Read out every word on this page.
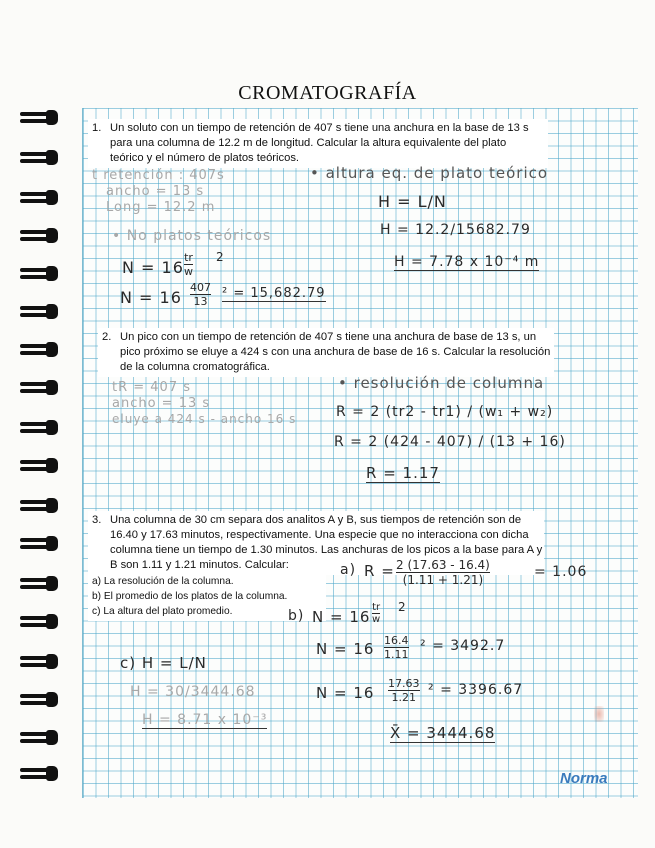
CROMATOGRAFÍA
1. Un soluto con un tiempo de retención de 407 s tiene una anchura en la base de 13 s
para una columna de 12.2 m de longitud. Calcular la altura equivalente del plato
teórico y el número de platos teóricos.
t retención : 407s
ancho = 13 s
Long = 12.2 m
• altura eq. de plato teórico
H = L/N
H = 12.2/15682.79
H = 7.78 x 10⁻⁴ m
• No platos teóricos
$N = 16 \frac{tr}{w} 2$
$N = 16 \frac{407}{13} ^2 = 15,682.79$
2. Un pico con un tiempo de retención de 407 s tiene una anchura de base de 13 s, un
pico próximo se eluye a 424 s con una anchura de base de 16 s. Calcular la resolución
de la columna cromatográfica.
tR = 407 s
ancho = 13 s
eluye a 424 s - ancho 16 s
• resolución de columna
R = 2 (tr2 - tr1) / (w₁ + w₂)
R = 2 (424 - 407) / (13 + 16)
R = 1.17
3. Una columna de 30 cm separa dos analitos A y B, sus tiempos de retención son de
16.40 y 17.63 minutos, respectivamente. Una especie que no interacciona con dicha
columna tiene un tiempo de 1.30 minutos. Las anchuras de los picos a la base para A y
B son 1.11 y 1.21 minutos. Calcular:
a) La resolución de la columna.
b) El promedio de los platos de la columna.
c) La altura del plato promedio.
a) $R = \frac{2 (17.63 - 16.4)}{(1.11 + 1.21)}$	= 1.06
b) $N = 16 \frac{tr}{w} 2$
$N = 16 \frac{16.4}{1.11} ^2 = 3492.7$
$N = 16 \frac{17.63}{1.21} ^2 = 3396.67$
X̄ = 3444.68
c) H = L/N
H = 30/3444.68
H = 8.71 x 10⁻³
Norma
